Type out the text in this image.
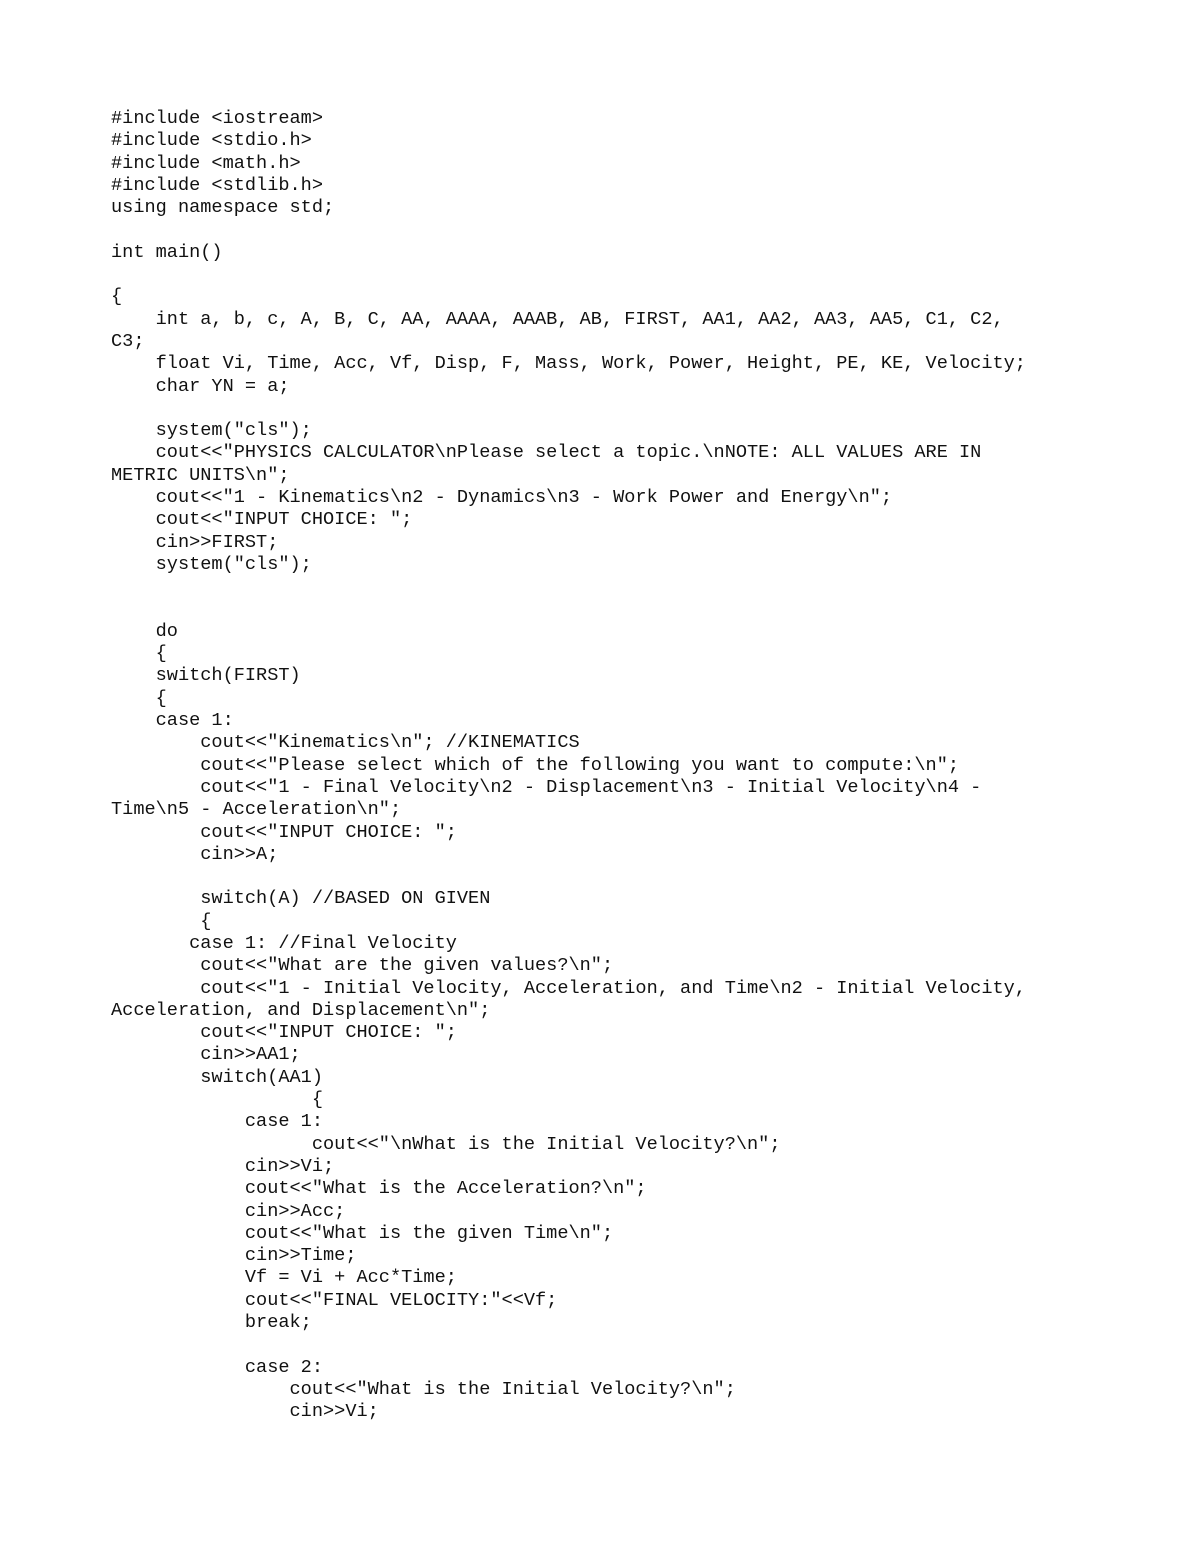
#include <iostream>
#include <stdio.h>
#include <math.h>
#include <stdlib.h>
using namespace std;
int main()
{
int a, b, c, A, B, C, AA, AAAA, AAAB, AB, FIRST, AA1, AA2, AA3, AA5, C1, C2,
C3;
float Vi, Time, Acc, Vf, Disp, F, Mass, Work, Power, Height, PE, KE, Velocity;
char YN = a;
system("cls");
cout<<"PHYSICS CALCULATOR\nPlease select a topic.\nNOTE: ALL VALUES ARE IN
METRIC UNITS\n";
cout<<"1 - Kinematics\n2 - Dynamics\n3 - Work Power and Energy\n";
cout<<"INPUT CHOICE: ";
cin>>FIRST;
system("cls");
do
{
switch(FIRST)
{
case 1:
cout<<"Kinematics\n"; //KINEMATICS
cout<<"Please select which of the following you want to compute:\n";
cout<<"1 - Final Velocity\n2 - Displacement\n3 - Initial Velocity\n4 -
Time\n5 - Acceleration\n";
cout<<"INPUT CHOICE: ";
cin>>A;
switch(A) //BASED ON GIVEN
{
case 1: //Final Velocity
cout<<"What are the given values?\n";
cout<<"1 - Initial Velocity, Acceleration, and Time\n2 - Initial Velocity,
Acceleration, and Displacement\n";
cout<<"INPUT CHOICE: ";
cin>>AA1;
switch(AA1)
{
case 1:
cout<<"\nWhat is the Initial Velocity?\n";
cin>>Vi;
cout<<"What is the Acceleration?\n";
cin>>Acc;
cout<<"What is the given Time\n";
cin>>Time;
Vf = Vi + Acc*Time;
cout<<"FINAL VELOCITY:"<<Vf;
break;
case 2:
cout<<"What is the Initial Velocity?\n";
cin>>Vi;
